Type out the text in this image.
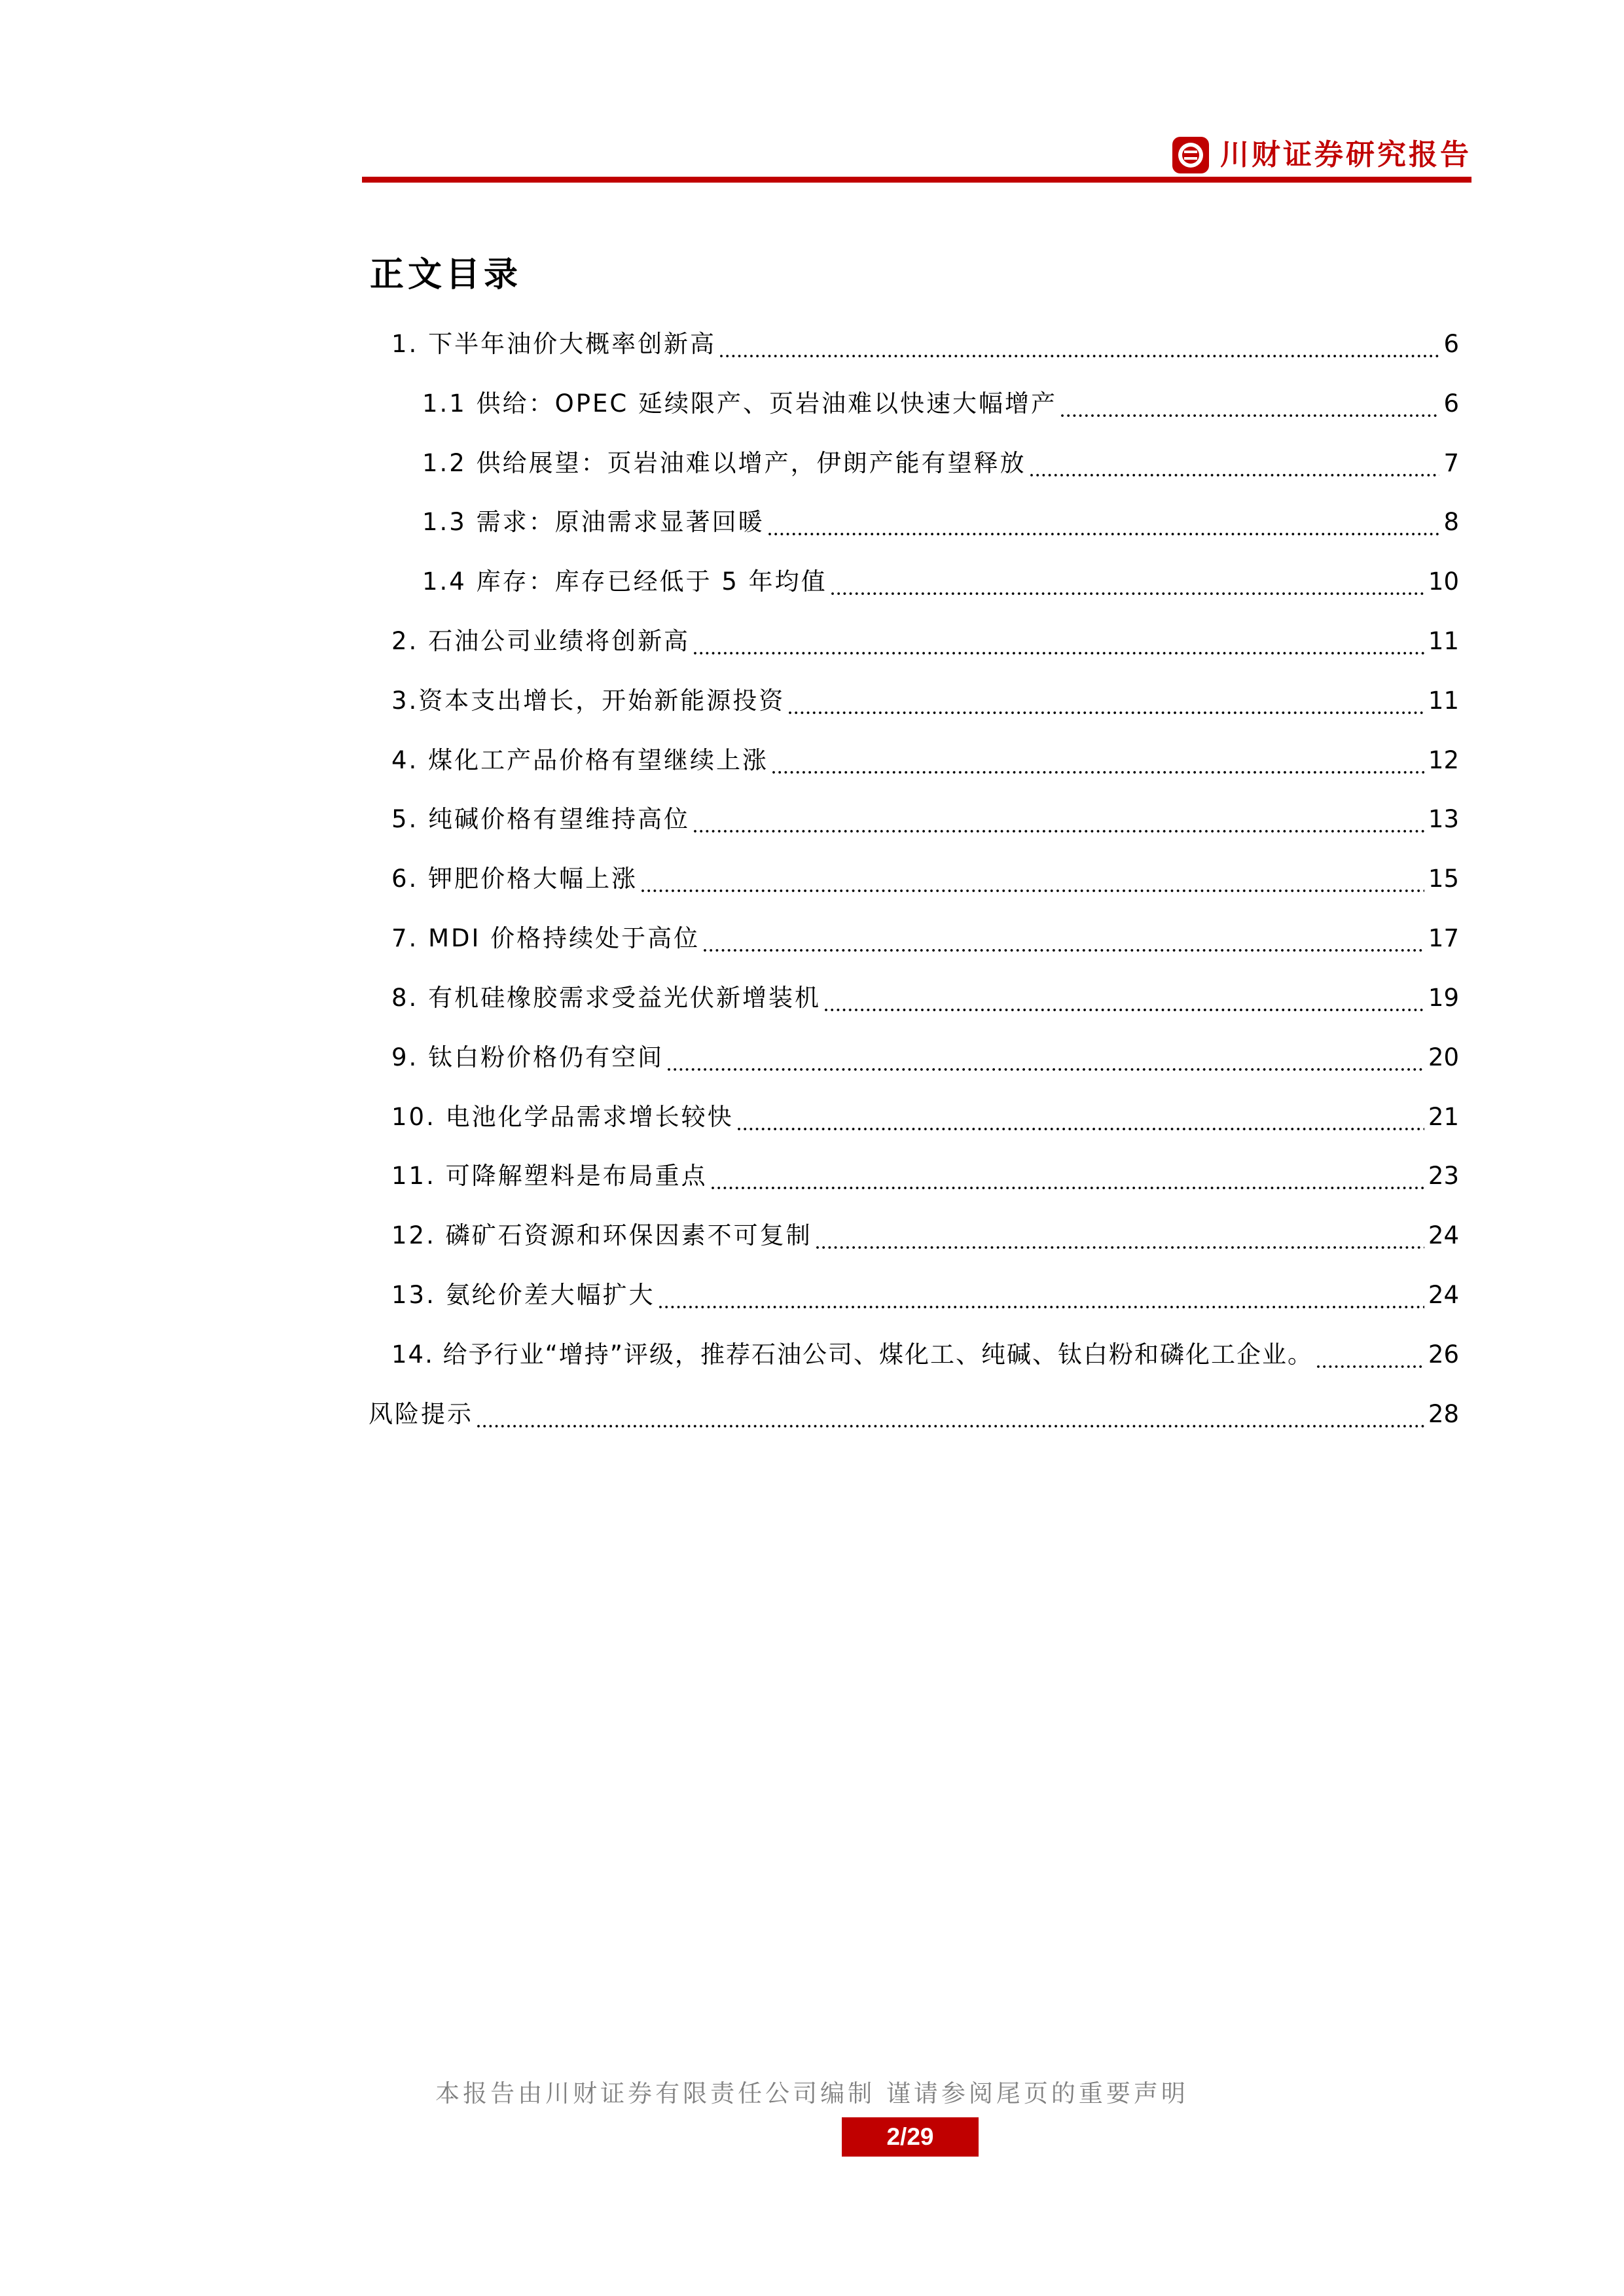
川财证券研究报告
正文目录
1. 下半年油价大概率创新高	6
1.1 供给：OPEC 延续限产、页岩油难以快速大幅增产	6
1.2 供给展望：页岩油难以增产，伊朗产能有望释放	7
1.3 需求：原油需求显著回暖	8
1.4 库存：库存已经低于 5 年均值	10
2. 石油公司业绩将创新高	11
3.资本支出增长，开始新能源投资	11
4. 煤化工产品价格有望继续上涨	12
5. 纯碱价格有望维持高位	13
6. 钾肥价格大幅上涨	15
7. MDI 价格持续处于高位	17
8. 有机硅橡胶需求受益光伏新增装机	19
9. 钛白粉价格仍有空间	20
10. 电池化学品需求增长较快	21
11. 可降解塑料是布局重点	23
12. 磷矿石资源和环保因素不可复制	24
13. 氨纶价差大幅扩大	24
14. 给予行业“增持”评级，推荐石油公司、煤化工、纯碱、钛白粉和磷化工企业。	26
风险提示	28
本报告由川财证券有限责任公司编制 谨请参阅尾页的重要声明
2/29
